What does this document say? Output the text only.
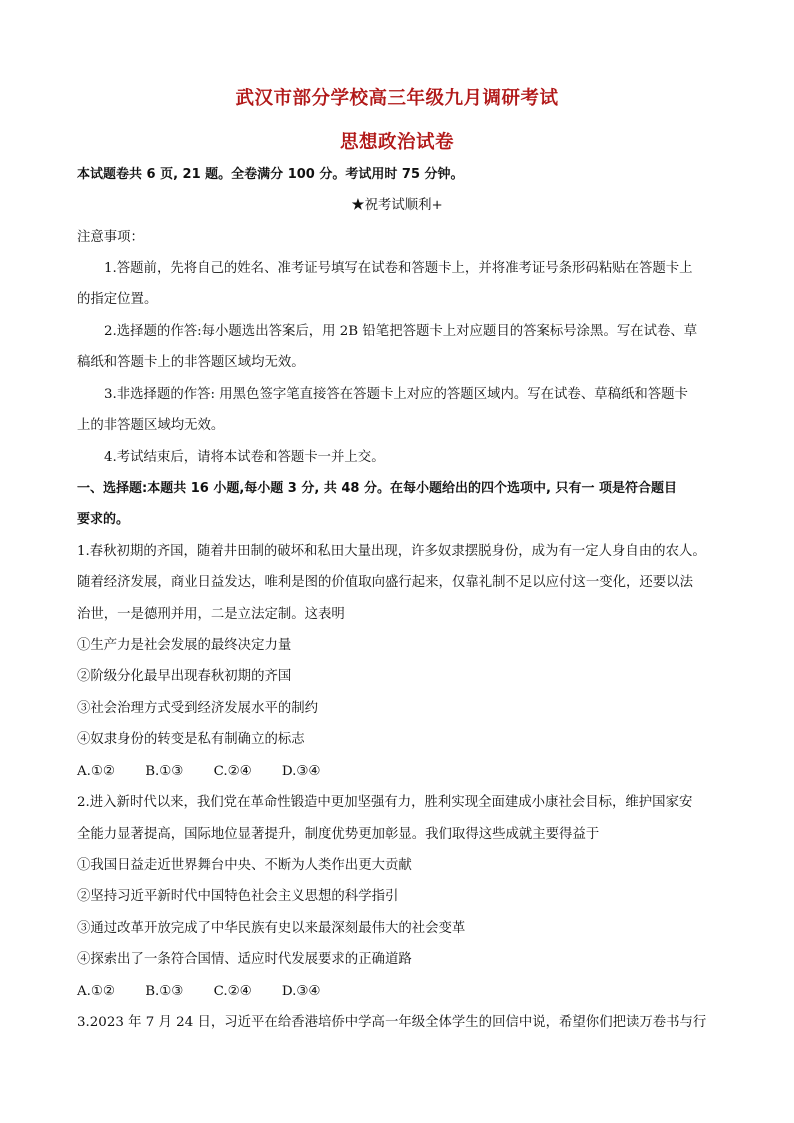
武汉市部分学校高三年级九月调研考试
思想政治试卷
本试题卷共 6 页, 21 题。全卷满分 100 分。考试用时 75 分钟。
★祝考试顺利+
注意事项：
1.答题前，先将自己的姓名、准考证号填写在试卷和答题卡上，并将准考证号条形码粘贴在答题卡上
的指定位置。
2.选择题的作答:每小题选出答案后，用 2B 铅笔把答题卡上对应题目的答案标号涂黑。写在试卷、草
稿纸和答题卡上的非答题区域均无效。
3.非选择题的作答: 用黑色签字笔直接答在答题卡上对应的答题区域内。写在试卷、草稿纸和答题卡
上的非答题区域均无效。
4.考试结束后，请将本试卷和答题卡一并上交。
一、选择题:本题共 16 小题,每小题 3 分, 共 48 分。在每小题给出的四个选项中, 只有一 项是符合题目
要求的。
1.春秋初期的齐国，随着井田制的破坏和私田大量出现，许多奴隶摆脱身份，成为有一定人身自由的农人。
随着经济发展，商业日益发达，唯利是图的价值取向盛行起来，仅靠礼制不足以应付这一变化，还要以法
治世，一是德刑并用，二是立法定制。这表明
①生产力是社会发展的最终决定力量
②阶级分化最早出现春秋初期的齐国
③社会治理方式受到经济发展水平的制约
④奴隶身份的转变是私有制确立的标志
A.①② B.①③ C.②④ D.③④
2.进入新时代以来，我们党在革命性锻造中更加坚强有力，胜利实现全面建成小康社会目标，维护国家安
全能力显著提高，国际地位显著提升，制度优势更加彰显。我们取得这些成就主要得益于
①我国日益走近世界舞台中央、不断为人类作出更大贡献
②坚持习近平新时代中国特色社会主义思想的科学指引
③通过改革开放完成了中华民族有史以来最深刻最伟大的社会变革
④探索出了一条符合国情、适应时代发展要求的正确道路
A.①② B.①③ C.②④ D.③④
3.2023 年 7 月 24 日，习近平在给香港培侨中学高一年级全体学生的回信中说，希望你们把读万卷书与行
